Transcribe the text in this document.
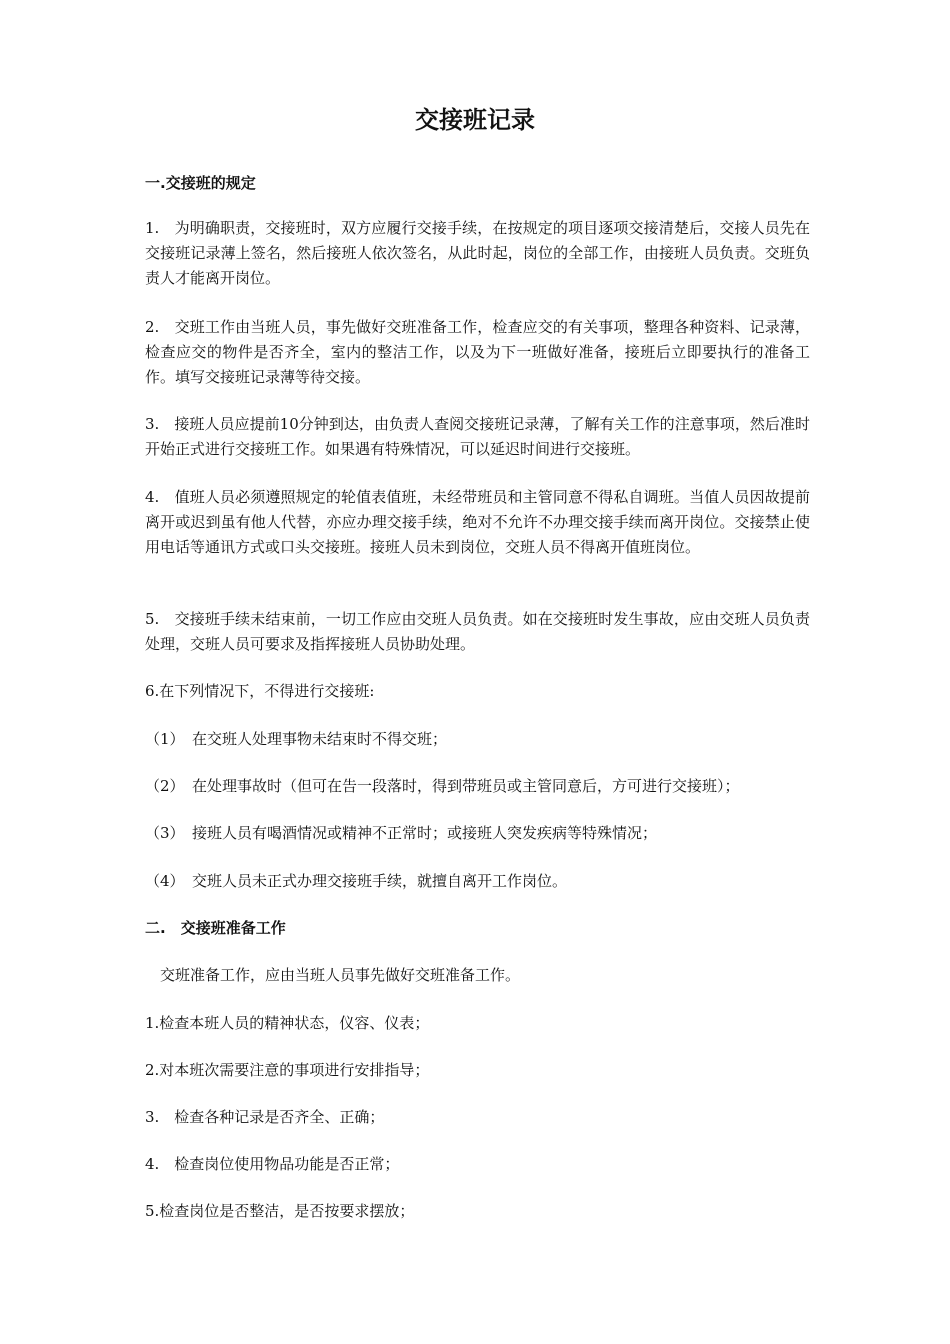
交接班记录
一.交接班的规定
1.　为明确职责，交接班时，双方应履行交接手续，在按规定的项目逐项交接清楚后，交接人员先在交接班记录薄上签名，然后接班人依次签名，从此时起，岗位的全部工作，由接班人员负责。交班负责人才能离开岗位。
2.　交班工作由当班人员，事先做好交班准备工作，检查应交的有关事项，整理各种资料、记录薄，检查应交的物件是否齐全，室内的整洁工作，以及为下一班做好准备，接班后立即要执行的准备工作。填写交接班记录薄等待交接。
3.　接班人员应提前10分钟到达，由负责人查阅交接班记录薄，了解有关工作的注意事项，然后准时开始正式进行交接班工作。如果遇有特殊情况，可以延迟时间进行交接班。
4.　值班人员必须遵照规定的轮值表值班，未经带班员和主管同意不得私自调班。当值人员因故提前离开或迟到虽有他人代替，亦应办理交接手续，绝对不允许不办理交接手续而离开岗位。交接禁止使用电话等通讯方式或口头交接班。接班人员未到岗位，交班人员不得离开值班岗位。
5.　交接班手续未结束前，一切工作应由交班人员负责。如在交接班时发生事故，应由交班人员负责处理，交班人员可要求及指挥接班人员协助处理。
6.在下列情况下，不得进行交接班:
（1）　在交班人处理事物未结束时不得交班；
（2）　在处理事故时（但可在告一段落时，得到带班员或主管同意后，方可进行交接班）；
（3）　接班人员有喝酒情况或精神不正常时；或接班人突发疾病等特殊情况；
（4）　交班人员未正式办理交接班手续，就擅自离开工作岗位。
二.　交接班准备工作
　交班准备工作，应由当班人员事先做好交班准备工作。
1.检查本班人员的精神状态，仪容、仪表；
2.对本班次需要注意的事项进行安排指导；
3.　检查各种记录是否齐全、正确；
4.　检查岗位使用物品功能是否正常；
5.检查岗位是否整洁，是否按要求摆放；
